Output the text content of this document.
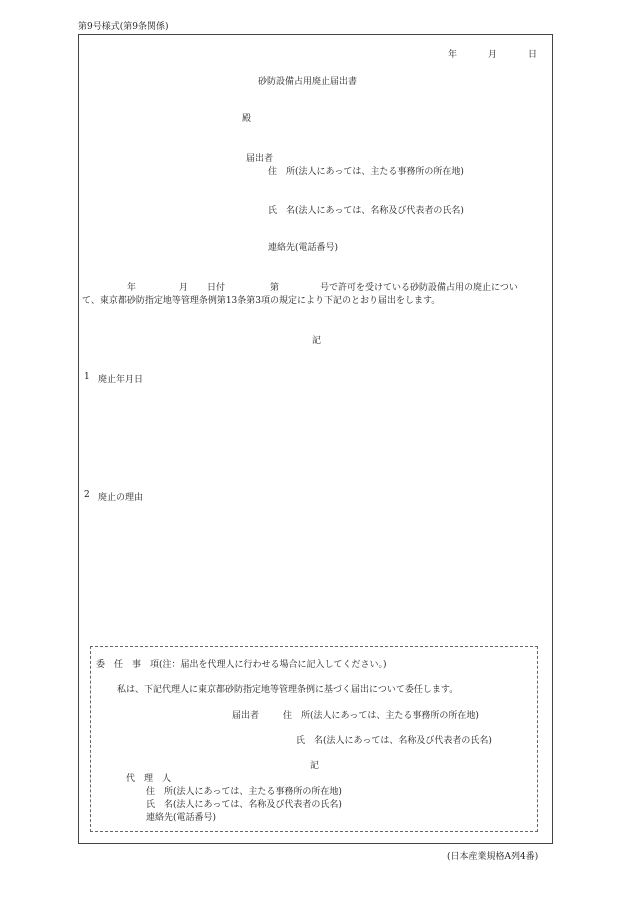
第9号様式(第9条関係)
年	月	日
砂防設備占用廃止届出書
殿
届出者
住　所(法人にあっては、主たる事務所の所在地)
氏　名(法人にあっては、名称及び代表者の氏名)
連絡先(電話番号)
年	月 日付	第	号で許可を受けている砂防設備占用の廃止につい
て、東京都砂防指定地等管理条例第13条第3項の規定により下記のとおり届出をします。
記
1 廃止年月日
2 廃止の理由
委　任　事　項(注：届出を代理人に行わせる場合に記入してください。)
私は、下記代理人に東京都砂防指定地等管理条例に基づく届出について委任します。
届出者	住　所(法人にあっては、主たる事務所の所在地)
氏　名(法人にあっては、名称及び代表者の氏名)
記
代　理　人
住　所(法人にあっては、主たる事務所の所在地)
氏　名(法人にあっては、名称及び代表者の氏名)
連絡先(電話番号)
(日本産業規格A列4番)
